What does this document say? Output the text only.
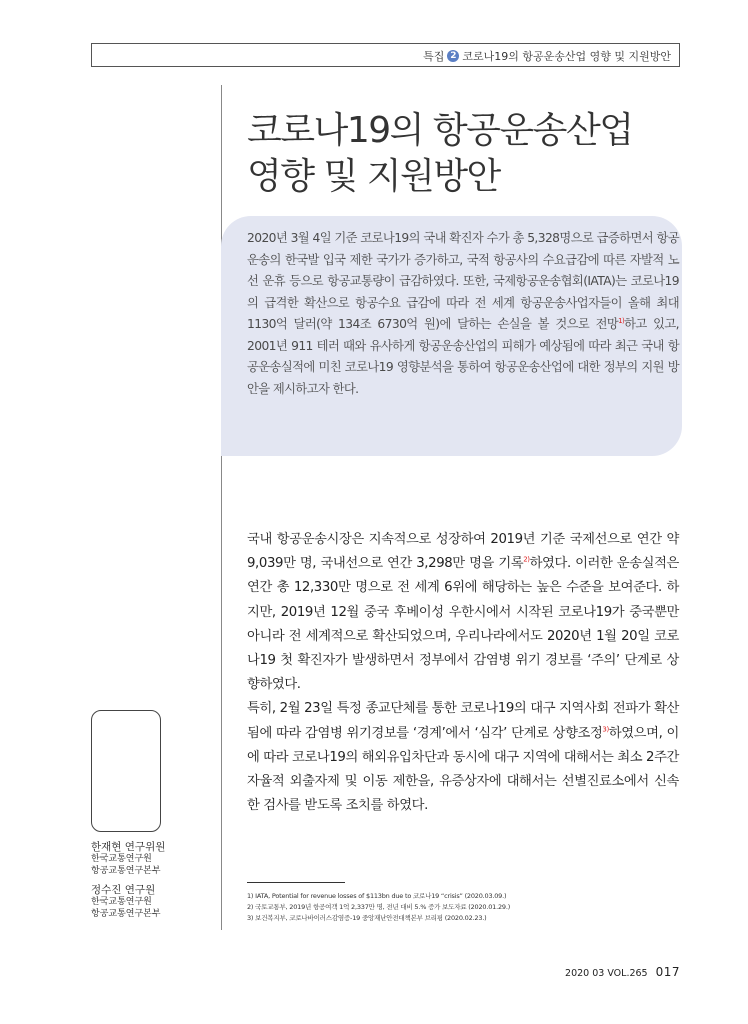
특집 2 코로나19의 항공운송산업 영향 및 지원방안
코로나19의 항공운송산업
영향 및 지원방안

2020년 3월 4일 기준 코로나19의 국내 확진자 수가 총 5,328명으로 급증하면서 항공운송의 한국발 입국 제한 국가가 증가하고, 국적 항공사의 수요급감에 따른 자발적 노선 운휴 등으로 항공교통량이 급감하였다. 또한, 국제항공운송협회(IATA)는 코로나19의 급격한 확산으로 항공수요 급감에 따라 전 세계 항공운송사업자들이 올해 최대 1130억 달러(약 134조 6730억 원)에 달하는 손실을 볼 것으로 전망$^{1)}$하고 있고, 2001년 911 테러 때와 유사하게 항공운송산업의 피해가 예상됨에 따라 최근 국내 항공운송실적에 미친 코로나19 영향분석을 통하여 항공운송산업에 대한 정부의 지원 방안을 제시하고자 한다.

국내 항공운송시장은 지속적으로 성장하여 2019년 기준 국제선으로 연간 약 9,039만 명, 국내선으로 연간 3,298만 명을 기록$^{2)}$하였다. 이러한 운송실적은 연간 총 12,330만 명으로 전 세계 6위에 해당하는 높은 수준을 보여준다. 하지만, 2019년 12월 중국 후베이성 우한시에서 시작된 코로나19가 중국뿐만 아니라 전 세계적으로 확산되었으며, 우리나라에서도 2020년 1월 20일 코로나19 첫 확진자가 발생하면서 정부에서 감염병 위기 경보를 ‘주의’ 단계로 상향하였다.

특히, 2월 23일 특정 종교단체를 통한 코로나19의 대구 지역사회 전파가 확산됨에 따라 감염병 위기경보를 ‘경계’에서 ‘심각’ 단계로 상향조정$^{3)}$하였으며, 이에 따라 코로나19의 해외유입차단과 동시에 대구 지역에 대해서는 최소 2주간 자율적 외출자제 및 이동 제한을, 유증상자에 대해서는 선별진료소에서 신속한 검사를 받도록 조치를 하였다.

한재현 연구위원
한국교통연구원
항공교통연구본부
정수진 연구원
한국교통연구원
항공교통연구본부
1) IATA, Potential for revenue losses of $113bn due to 코로나19 “crisis” (2020.03.09.)
2) 국토교통부, 2019년 항공여객 1억 2,337만 명, 전년 대비 5.% 증가 보도자료 (2020.01.29.)
3) 보건복지부, 코로나바이러스감염증-19 중앙재난안전대책본부 브리핑 (2020.02.23.)
2020 03 VOL.265 017
